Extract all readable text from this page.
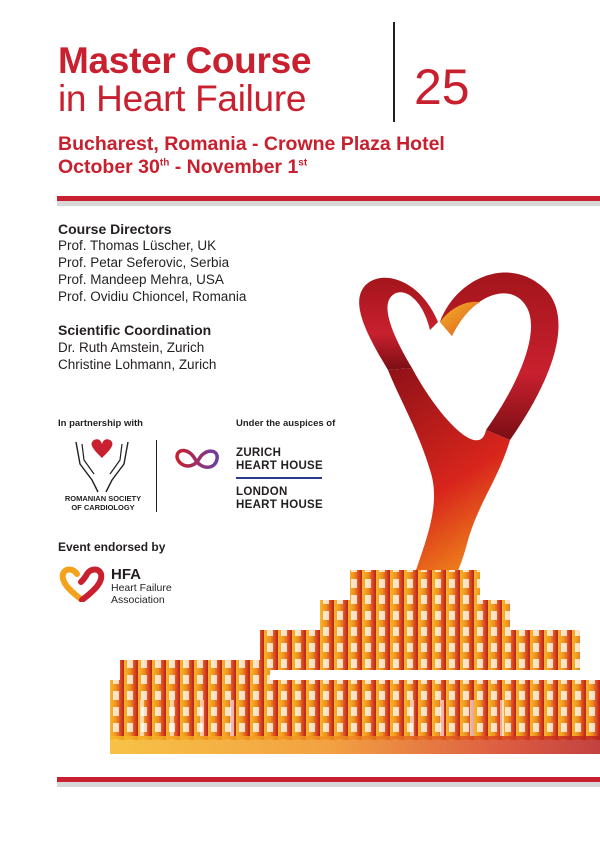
Master Course
in Heart Failure 25
Bucharest, Romania - Crowne Plaza Hotel
October 30th - November 1st
Course Directors
Prof. Thomas Lüscher, UK
Prof. Petar Seferovic, Serbia
Prof. Mandeep Mehra, USA
Prof. Ovidiu Chioncel, Romania
Scientific Coordination
Dr. Ruth Amstein, Zurich
Christine Lohmann, Zurich
In partnership with	Under the auspices of
ROMANIAN SOCIETY
OF CARDIOLOGY
ZURICH
HEART HOUSE
LONDON
HEART HOUSE
Event endorsed by
HFA
Heart Failure
Association
